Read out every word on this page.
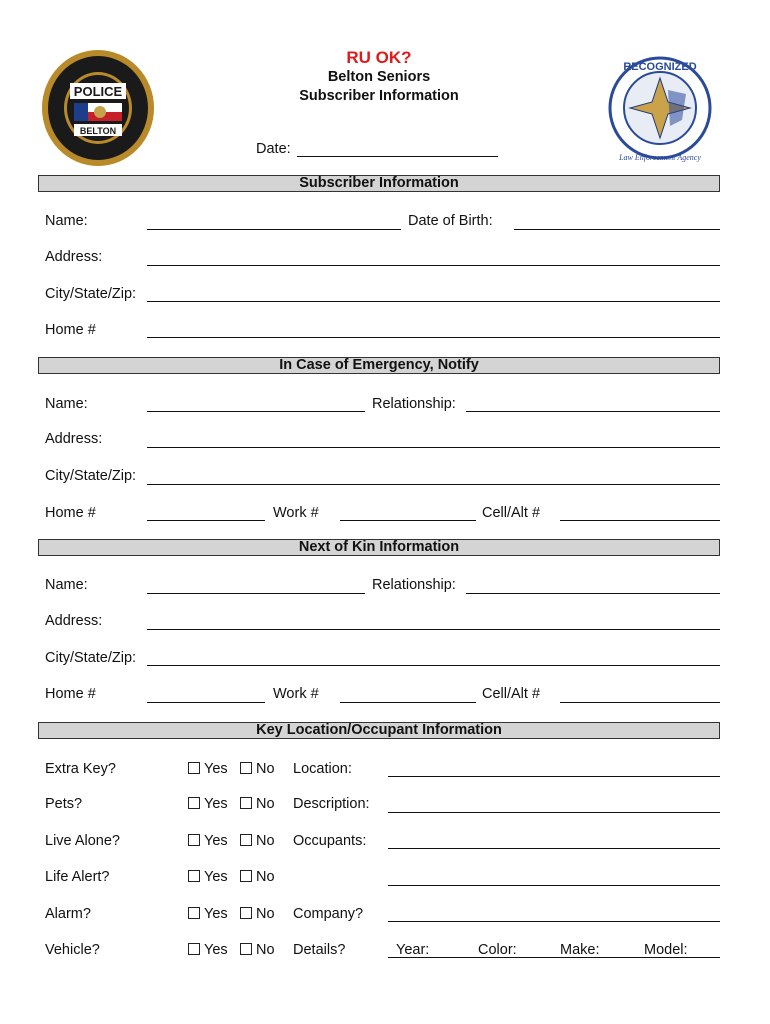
POLICE
BELTON
RECOGNIZED
Law Enforcement Agency
RU OK?
Belton Seniors
Subscriber Information
Date:
Subscriber Information
Name:	Date of Birth:
Address:
City/State/Zip:
Home #
In Case of Emergency, Notify
Name:	Relationship:
Address:
City/State/Zip:
Home #	Work #	Cell/Alt #
Next of Kin Information
Name:	Relationship:
Address:
City/State/Zip:
Home #	Work #	Cell/Alt #
Key Location/Occupant Information
Extra Key?	Yes	No Location:
Pets?	Yes	No Description:
Live Alone?	Yes	No Occupants:
Life Alert?	Yes	No
Alarm?	Yes	No Company?
Vehicle?	Yes	No Details?	Year:	Color:	Make:	Model:
